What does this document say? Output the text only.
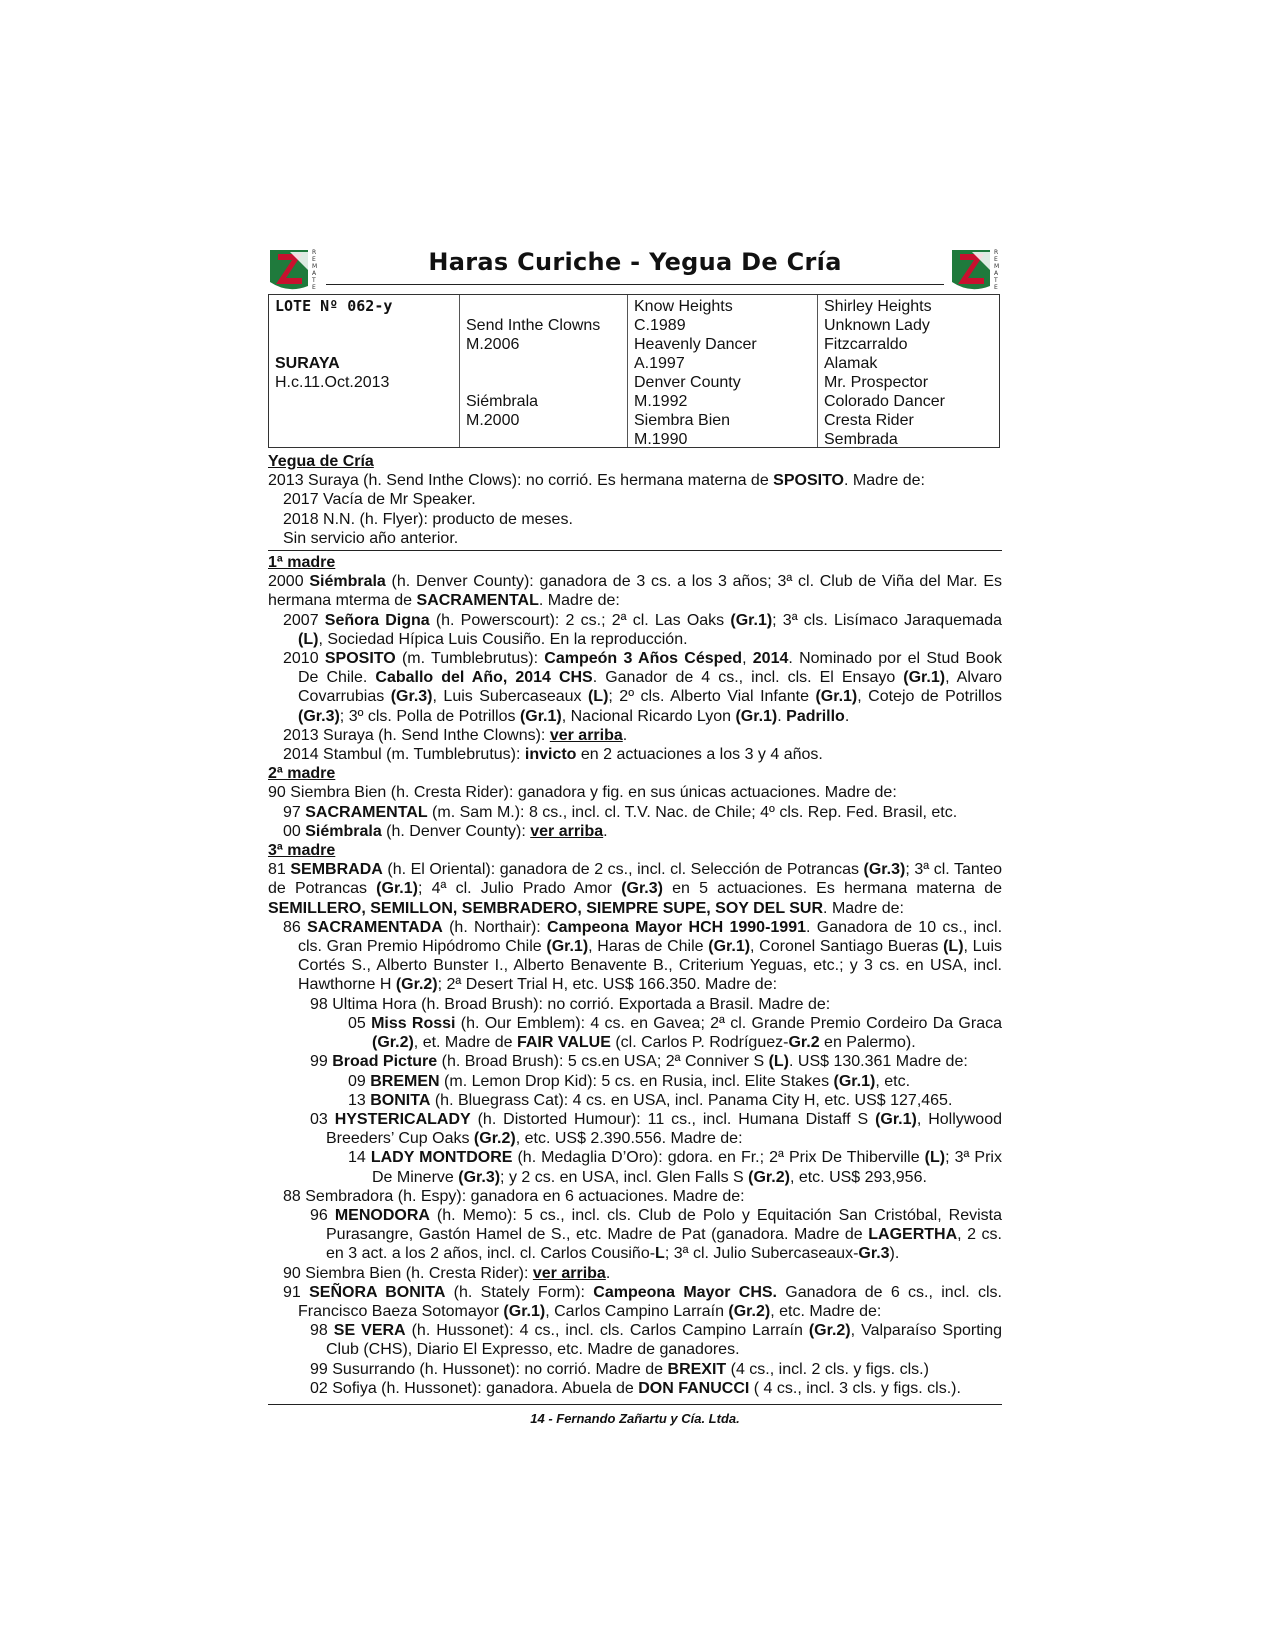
R
E
M
A
T
E
Haras Curiche - Yegua De Cría	R
E
M
A
T
E
LOTE Nº 062-y
SURAYA
H.c.11.Oct.2013
Send Inthe Clowns
M.2006
Siémbrala
M.2000
Know Heights
C.1989
Heavenly Dancer
A.1997
Denver County
M.1992
Siembra Bien
M.1990
Shirley Heights
Unknown Lady
Fitzcarraldo
Alamak
Mr. Prospector
Colorado Dancer
Cresta Rider
Sembrada
Yegua de Cría

2013 Suraya (h. Send Inthe Clows): no corrió. Es hermana materna de SPOSITO. Madre de:

2017 Vacía de Mr Speaker.

2018 N.N. (h. Flyer): producto de meses.

Sin servicio año anterior.

1ª madre

2000 Siémbrala (h. Denver County): ganadora de 3 cs. a los 3 años; 3ª cl. Club de Viña del Mar. Es hermana mterma de SACRAMENTAL. Madre de:

2007 Señora Digna (h. Powerscourt): 2 cs.; 2ª cl. Las Oaks (Gr.1); 3ª cls. Lisímaco Jaraquemada (L), Sociedad Hípica Luis Cousiño. En la reproducción.

2010 SPOSITO (m. Tumblebrutus): Campeón 3 Años Césped, 2014. Nominado por el Stud Book De Chile. Caballo del Año, 2014 CHS. Ganador de 4 cs., incl. cls. El Ensayo (Gr.1), Alvaro Covarrubias (Gr.3), Luis Subercaseaux (L); 2º cls. Alberto Vial Infante (Gr.1), Cotejo de Potrillos (Gr.3); 3º cls. Polla de Potrillos (Gr.1), Nacional Ricardo Lyon (Gr.1). Padrillo.

2013 Suraya (h. Send Inthe Clowns): ver arriba.

2014 Stambul (m. Tumblebrutus): invicto en 2 actuaciones a los 3 y 4 años.

2ª madre

90 Siembra Bien (h. Cresta Rider): ganadora y fig. en sus únicas actuaciones. Madre de:

97 SACRAMENTAL (m. Sam M.): 8 cs., incl. cl. T.V. Nac. de Chile; 4º cls. Rep. Fed. Brasil, etc.

00 Siémbrala (h. Denver County): ver arriba.

3ª madre

81 SEMBRADA (h. El Oriental): ganadora de 2 cs., incl. cl. Selección de Potrancas (Gr.3); 3ª cl. Tanteo de Potrancas (Gr.1); 4ª cl. Julio Prado Amor (Gr.3) en 5 actuaciones. Es hermana materna de SEMILLERO, SEMILLON, SEMBRADERO, SIEMPRE SUPE, SOY DEL SUR. Madre de:

86 SACRAMENTADA (h. Northair): Campeona Mayor HCH 1990-1991. Ganadora de 10 cs., incl. cls. Gran Premio Hipódromo Chile (Gr.1), Haras de Chile (Gr.1), Coronel Santiago Bueras (L), Luis Cortés S., Alberto Bunster I., Alberto Benavente B., Criterium Yeguas, etc.; y 3 cs. en USA, incl. Hawthorne H (Gr.2); 2ª Desert Trial H, etc. US$ 166.350. Madre de:

98 Ultima Hora (h. Broad Brush): no corrió. Exportada a Brasil. Madre de:

05 Miss Rossi (h. Our Emblem): 4 cs. en Gavea; 2ª cl. Grande Premio Cordeiro Da Graca (Gr.2), et. Madre de FAIR VALUE (cl. Carlos P. Rodríguez-Gr.2 en Palermo).

99 Broad Picture (h. Broad Brush): 5 cs.en USA; 2ª Conniver S (L). US$ 130.361 Madre de:

09 BREMEN (m. Lemon Drop Kid): 5 cs. en Rusia, incl. Elite Stakes (Gr.1), etc.

13 BONITA (h. Bluegrass Cat): 4 cs. en USA, incl. Panama City H, etc. US$ 127,465.

03 HYSTERICALADY (h. Distorted Humour): 11 cs., incl. Humana Distaff S (Gr.1), Hollywood Breeders’ Cup Oaks (Gr.2), etc. US$ 2.390.556. Madre de:

14 LADY MONTDORE (h. Medaglia D’Oro): gdora. en Fr.; 2ª Prix De Thiberville (L); 3ª Prix De Minerve (Gr.3); y 2 cs. en USA, incl. Glen Falls S (Gr.2), etc. US$ 293,956.

88 Sembradora (h. Espy): ganadora en 6 actuaciones. Madre de:

96 MENODORA (h. Memo): 5 cs., incl. cls. Club de Polo y Equitación San Cristóbal, Revista Purasangre, Gastón Hamel de S., etc. Madre de Pat (ganadora. Madre de LAGERTHA, 2 cs. en 3 act. a los 2 años, incl. cl. Carlos Cousiño-L; 3ª cl. Julio Subercaseaux-Gr.3).

90 Siembra Bien (h. Cresta Rider): ver arriba.

91 SEÑORA BONITA (h. Stately Form): Campeona Mayor CHS. Ganadora de 6 cs., incl. cls. Francisco Baeza Sotomayor (Gr.1), Carlos Campino Larraín (Gr.2), etc. Madre de:

98 SE VERA (h. Hussonet): 4 cs., incl. cls. Carlos Campino Larraín (Gr.2), Valparaíso Sporting Club (CHS), Diario El Expresso, etc. Madre de ganadores.

99 Susurrando (h. Hussonet): no corrió. Madre de BREXIT (4 cs., incl. 2 cls. y figs. cls.)

02 Sofiya (h. Hussonet): ganadora. Abuela de DON FANUCCI ( 4 cs., incl. 3 cls. y figs. cls.).

14 - Fernando Zañartu y Cía. Ltda.
